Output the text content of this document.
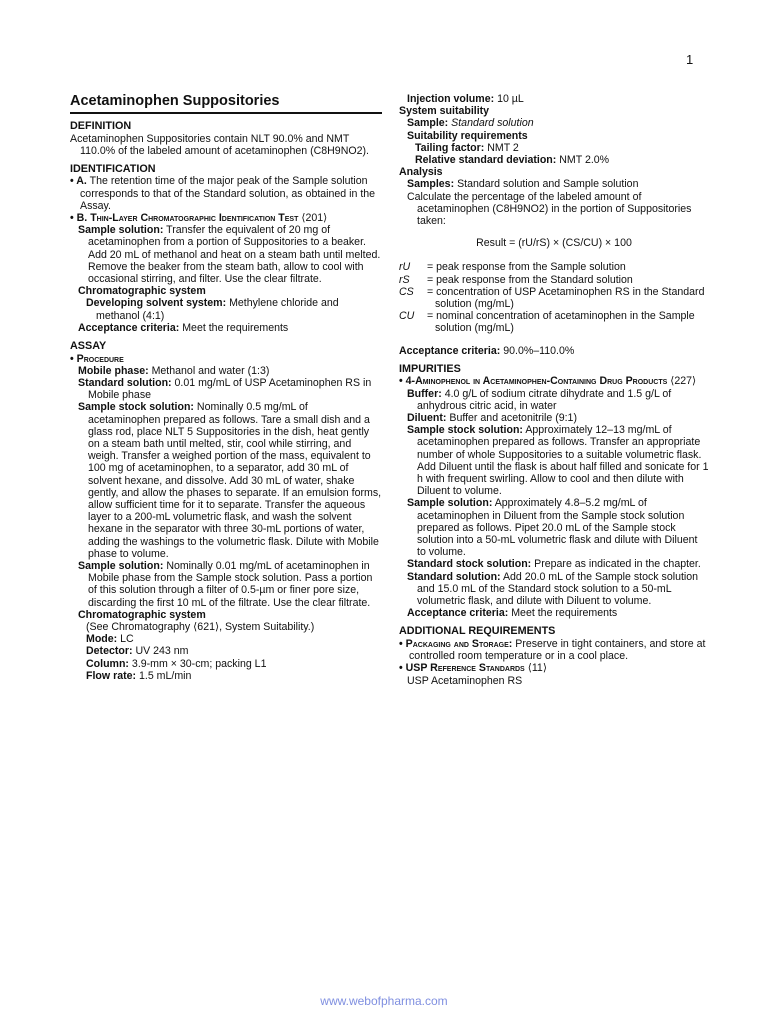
1
Acetaminophen Suppositories
DEFINITION
Acetaminophen Suppositories contain NLT 90.0% and NMT 110.0% of the labeled amount of acetaminophen (C8H9NO2).
IDENTIFICATION
• A. The retention time of the major peak of the Sample solution corresponds to that of the Standard solution, as obtained in the Assay.
• B. Thin-Layer Chromatographic Identification Test ⟨201⟩
Sample solution: Transfer the equivalent of 20 mg of acetaminophen from a portion of Suppositories to a beaker. Add 20 mL of methanol and heat on a steam bath until melted. Remove the beaker from the steam bath, allow to cool with occasional stirring, and filter. Use the clear filtrate.
Chromatographic system
Developing solvent system: Methylene chloride and methanol (4:1)
Acceptance criteria: Meet the requirements
ASSAY
• Procedure
Mobile phase: Methanol and water (1:3)
Standard solution: 0.01 mg/mL of USP Acetaminophen RS in Mobile phase
Sample stock solution: Nominally 0.5 mg/mL of acetaminophen prepared as follows. Tare a small dish and a glass rod, place NLT 5 Suppositories in the dish, heat gently on a steam bath until melted, stir, cool while stirring, and weigh. Transfer a weighed portion of the mass, equivalent to 100 mg of acetaminophen, to a separator, add 30 mL of solvent hexane, and dissolve. Add 30 mL of water, shake gently, and allow the phases to separate. If an emulsion forms, allow sufficient time for it to separate. Transfer the aqueous layer to a 200-mL volumetric flask, and wash the solvent hexane in the separator with three 30-mL portions of water, adding the washings to the volumetric flask. Dilute with Mobile phase to volume.
Sample solution: Nominally 0.01 mg/mL of acetaminophen in Mobile phase from the Sample stock solution. Pass a portion of this solution through a filter of 0.5-µm or finer pore size, discarding the first 10 mL of the filtrate. Use the clear filtrate.
Chromatographic system
(See Chromatography ⟨621⟩, System Suitability.)
Mode: LC
Detector: UV 243 nm
Column: 3.9-mm × 30-cm; packing L1
Flow rate: 1.5 mL/min
Injection volume: 10 µL
System suitability
Sample: Standard solution
Suitability requirements
Tailing factor: NMT 2
Relative standard deviation: NMT 2.0%
Analysis
Samples: Standard solution and Sample solution
Calculate the percentage of the labeled amount of acetaminophen (C8H9NO2) in the portion of Suppositories taken:
Result = (rU/rS) × (CS/CU) × 100
rU	= peak response from the Sample solution
rS	= peak response from the Standard solution
CS	= concentration of USP Acetaminophen RS in the Standard solution (mg/mL)
CU	= nominal concentration of acetaminophen in the Sample solution (mg/mL)
Acceptance criteria: 90.0%–110.0%
IMPURITIES
• 4-Aminophenol in Acetaminophen-Containing Drug Products ⟨227⟩
Buffer: 4.0 g/L of sodium citrate dihydrate and 1.5 g/L of anhydrous citric acid, in water
Diluent: Buffer and acetonitrile (9:1)
Sample stock solution: Approximately 12–13 mg/mL of acetaminophen prepared as follows. Transfer an appropriate number of whole Suppositories to a suitable volumetric flask. Add Diluent until the flask is about half filled and sonicate for 1 h with frequent swirling. Allow to cool and then dilute with Diluent to volume.
Sample solution: Approximately 4.8–5.2 mg/mL of acetaminophen in Diluent from the Sample stock solution prepared as follows. Pipet 20.0 mL of the Sample stock solution into a 50-mL volumetric flask and dilute with Diluent to volume.
Standard stock solution: Prepare as indicated in the chapter.
Standard solution: Add 20.0 mL of the Sample stock solution and 15.0 mL of the Standard stock solution to a 50-mL volumetric flask, and dilute with Diluent to volume.
Acceptance criteria: Meet the requirements
ADDITIONAL REQUIREMENTS
• Packaging and Storage: Preserve in tight containers, and store at controlled room temperature or in a cool place.
• USP Reference Standards ⟨11⟩
USP Acetaminophen RS
www.webofpharma.com
